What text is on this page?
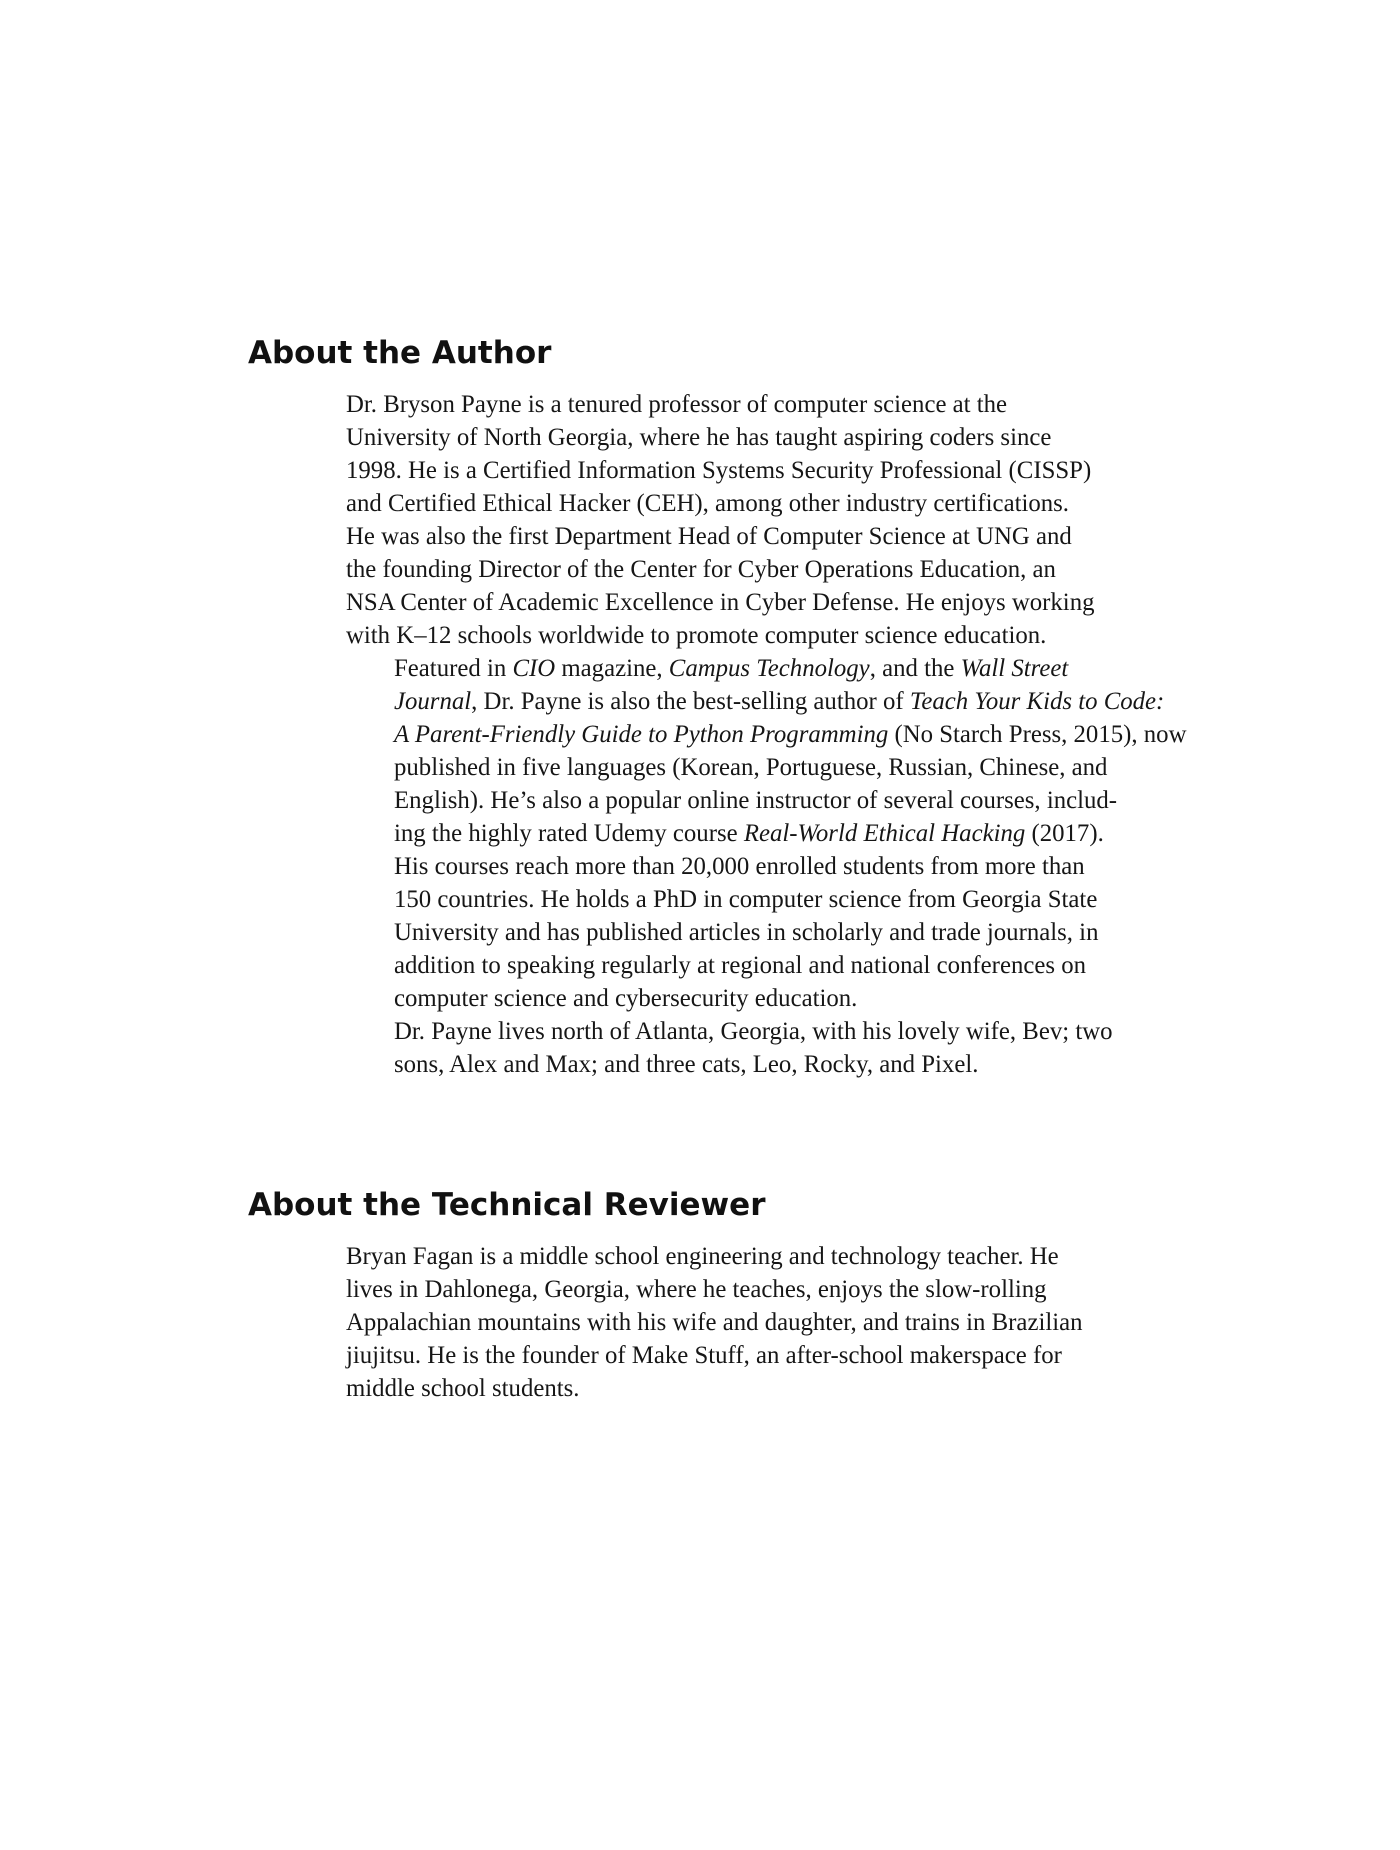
About the Author

Dr. Bryson Payne is a tenured professor of computer science at the
University of North Georgia, where he has taught aspiring coders since
1998. He is a Certified Information Systems Security Professional (CISSP)
and Certified Ethical Hacker (CEH), among other industry certifications.
He was also the first Department Head of Computer Science at UNG and
the founding Director of the Center for Cyber Operations Education, an
NSA Center of Academic Excellence in Cyber Defense. He enjoys working
with K–12 schools worldwide to promote computer science education.

Featured in CIO magazine, Campus Technology, and the Wall Street
Journal, Dr. Payne is also the best-selling author of Teach Your Kids to Code:
A Parent-Friendly Guide to Python Programming (No Starch Press, 2015), now
published in five languages (Korean, Portuguese, Russian, Chinese, and
English). He’s also a popular online instructor of several courses, includ-
ing the highly rated Udemy course Real-World Ethical Hacking (2017).
His courses reach more than 20,000 enrolled students from more than
150 countries. He holds a PhD in computer science from Georgia State
University and has published articles in scholarly and trade journals, in
addition to speaking regularly at regional and national conferences on
computer science and cybersecurity education.

Dr. Payne lives north of Atlanta, Georgia, with his lovely wife, Bev; two
sons, Alex and Max; and three cats, Leo, Rocky, and Pixel.

About the Technical Reviewer

Bryan Fagan is a middle school engineering and technology teacher. He
lives in Dahlonega, Georgia, where he teaches, enjoys the slow-rolling
Appalachian mountains with his wife and daughter, and trains in Brazilian
jiujitsu. He is the founder of Make Stuff, an after-school makerspace for
middle school students.
